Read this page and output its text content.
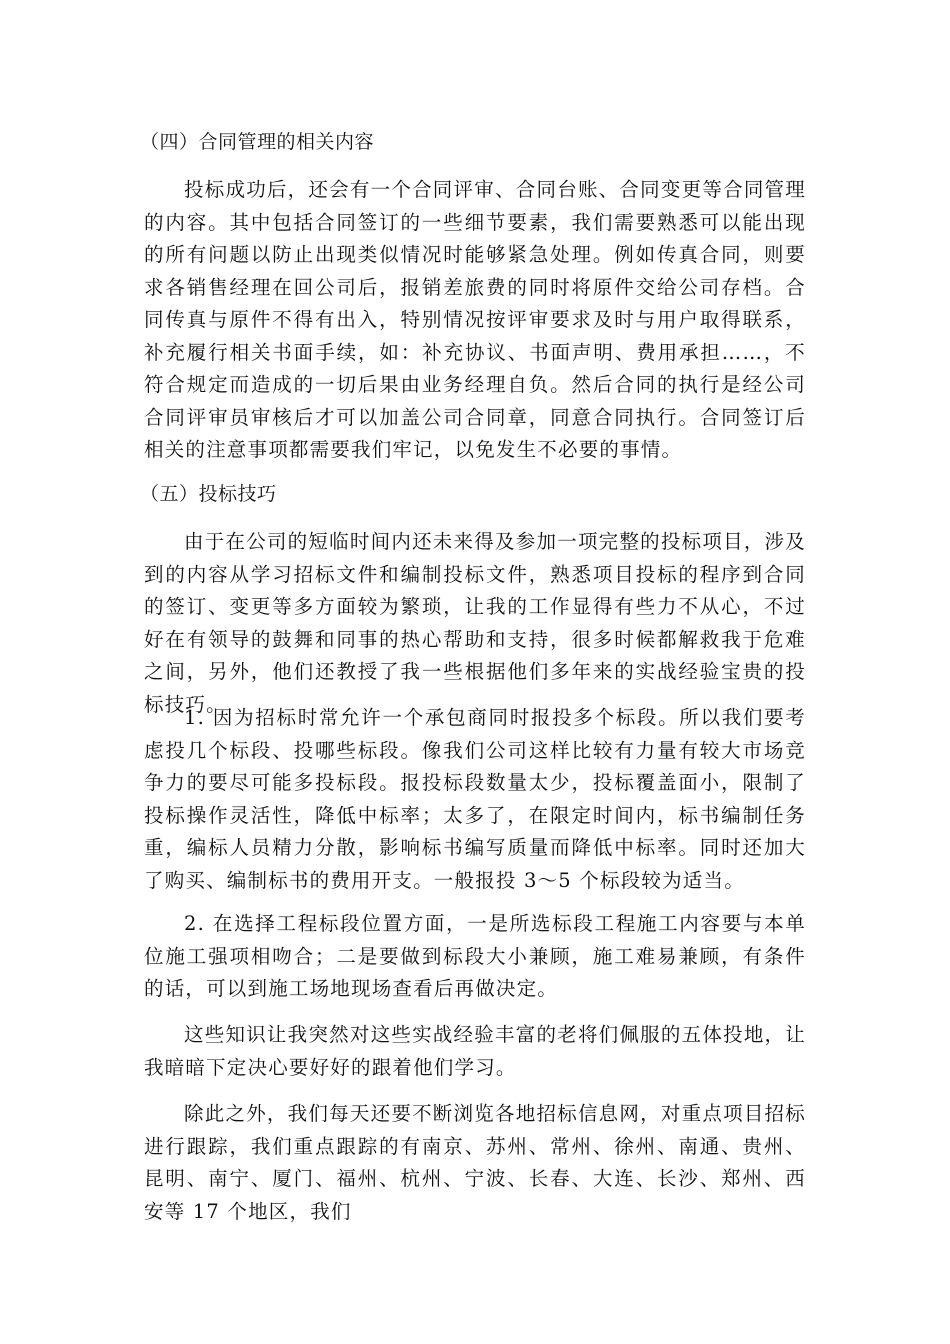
（四）合同管理的相关内容

投标成功后，还会有一个合同评审、合同台账、合同变更等合同管理的内容。其中包括合同签订的一些细节要素，我们需要熟悉可以能出现的所有问题以防止出现类似情况时能够紧急处理。例如传真合同，则要求各销售经理在回公司后，报销差旅费的同时将原件交给公司存档。合同传真与原件不得有出入，特别情况按评审要求及时与用户取得联系，补充履行相关书面手续，如：补充协议、书面声明、费用承担……，不符合规定而造成的一切后果由业务经理自负。然后合同的执行是经公司合同评审员审核后才可以加盖公司合同章，同意合同执行。合同签订后相关的注意事项都需要我们牢记，以免发生不必要的事情。

（五）投标技巧

由于在公司的短临时间内还未来得及参加一项完整的投标项目，涉及到的内容从学习招标文件和编制投标文件，熟悉项目投标的程序到合同的签订、变更等多方面较为繁琐，让我的工作显得有些力不从心，不过好在有领导的鼓舞和同事的热心帮助和支持，很多时候都解救我于危难之间，另外，他们还教授了我一些根据他们多年来的实战经验宝贵的投标技巧。

1. 因为招标时常允许一个承包商同时报投多个标段。所以我们要考虑投几个标段、投哪些标段。像我们公司这样比较有力量有较大市场竞争力的要尽可能多投标段。报投标段数量太少，投标覆盖面小，限制了投标操作灵活性，降低中标率；太多了，在限定时间内，标书编制任务重，编标人员精力分散，影响标书编写质量而降低中标率。同时还加大了购买、编制标书的费用开支。一般报投 3～5 个标段较为适当。

2. 在选择工程标段位置方面，一是所选标段工程施工内容要与本单位施工强项相吻合；二是要做到标段大小兼顾，施工难易兼顾，有条件的话，可以到施工场地现场查看后再做决定。

这些知识让我突然对这些实战经验丰富的老将们佩服的五体投地，让我暗暗下定决心要好好的跟着他们学习。

除此之外，我们每天还要不断浏览各地招标信息网，对重点项目招标进行跟踪，我们重点跟踪的有南京、苏州、常州、徐州、南通、贵州、昆明、南宁、厦门、福州、杭州、宁波、长春、大连、长沙、郑州、西安等 17 个地区，我们
